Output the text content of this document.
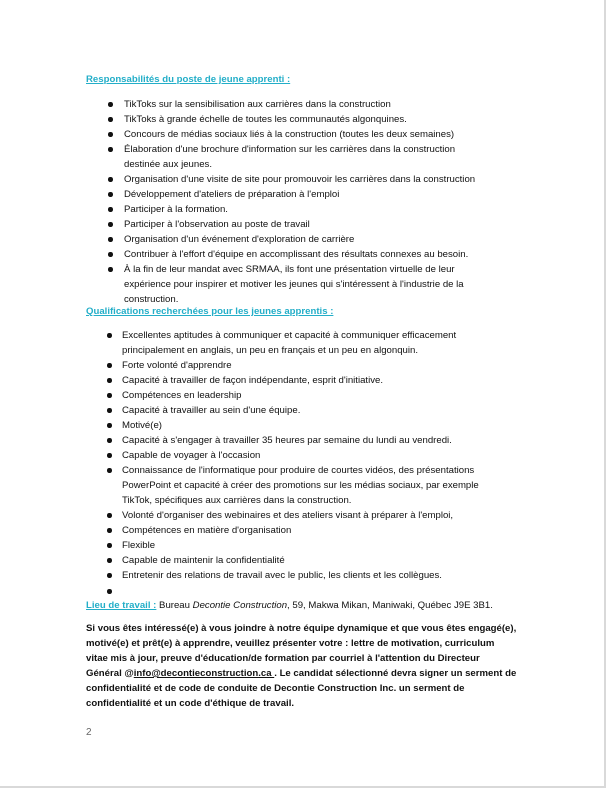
Responsabilités du poste de jeune apprenti :
TikToks sur la sensibilisation aux carrières dans la construction
TikToks à grande échelle de toutes les communautés algonquines.
Concours de médias sociaux liés à la construction (toutes les deux semaines)
Élaboration d'une brochure d'information sur les carrières dans la construction
destinée aux jeunes.
Organisation d'une visite de site pour promouvoir les carrières dans la construction
Développement d'ateliers de préparation à l'emploi
Participer à la formation.
Participer à l'observation au poste de travail
Organisation d'un événement d'exploration de carrière
Contribuer à l'effort d'équipe en accomplissant des résultats connexes au besoin.
À la fin de leur mandat avec SRMAA, ils font une présentation virtuelle de leur
expérience pour inspirer et motiver les jeunes qui s'intéressent à l'industrie de la
construction.
Qualifications recherchées pour les jeunes apprentis :
Excellentes aptitudes à communiquer et capacité à communiquer efficacement
principalement en anglais, un peu en français et un peu en algonquin.
Forte volonté d'apprendre
Capacité à travailler de façon indépendante, esprit d'initiative.
Compétences en leadership
Capacité à travailler au sein d'une équipe.
Motivé(e)
Capacité à s'engager à travailler 35 heures par semaine du lundi au vendredi.
Capable de voyager à l'occasion
Connaissance de l'informatique pour produire de courtes vidéos, des présentations
PowerPoint et capacité à créer des promotions sur les médias sociaux, par exemple
TikTok, spécifiques aux carrières dans la construction.
Volonté d'organiser des webinaires et des ateliers visant à préparer à l'emploi,
Compétences en matière d'organisation
Flexible
Capable de maintenir la confidentialité
Entretenir des relations de travail avec le public, les clients et les collègues.
Lieu de travail : Bureau Decontie Construction, 59, Makwa Mikan, Maniwaki, Québec J9E 3B1.
Si vous êtes intéressé(e) à vous joindre à notre équipe dynamique et que vous êtes engagé(e),
motivé(e) et prêt(e) à apprendre, veuillez présenter votre : lettre de motivation, curriculum
vitae mis à jour, preuve d'éducation/de formation par courriel à l'attention du Directeur
Général @info@decontieconstruction.ca . Le candidat sélectionné devra signer un serment de
confidentialité et de code de conduite de Decontie Construction Inc. un serment de
confidentialité et un code d'éthique de travail.
2
